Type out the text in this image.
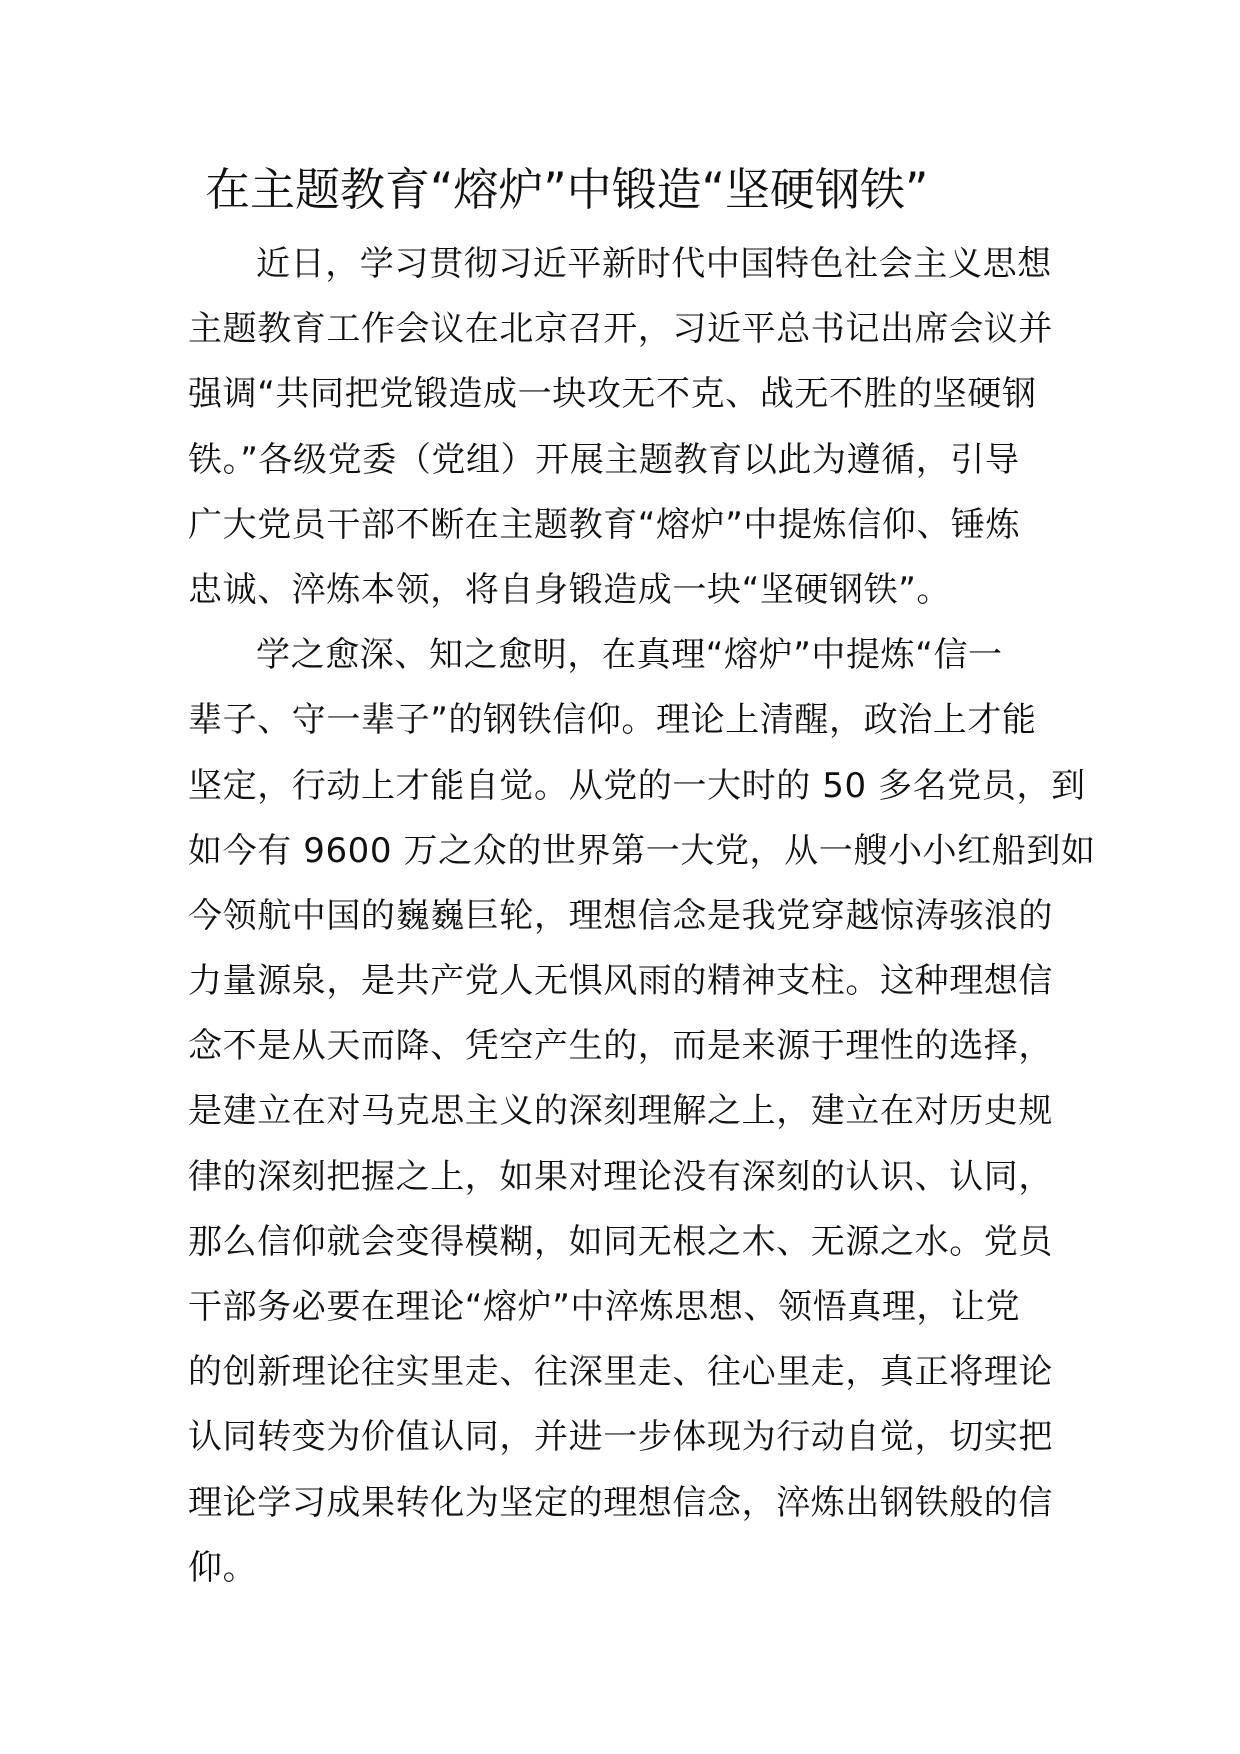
在主题教育“熔炉”中锻造“坚硬钢铁”
近日，学习贯彻习近平新时代中国特色社会主义思想
主题教育工作会议在北京召开，习近平总书记出席会议并
强调“共同把党锻造成一块攻无不克、战无不胜的坚硬钢
铁。”各级党委（党组）开展主题教育以此为遵循，引导
广大党员干部不断在主题教育“熔炉”中提炼信仰、锤炼
忠诚、淬炼本领，将自身锻造成一块“坚硬钢铁”。
学之愈深、知之愈明，在真理“熔炉”中提炼“信一
辈子、守一辈子”的钢铁信仰。理论上清醒，政治上才能
坚定，行动上才能自觉。从党的一大时的 50 多名党员，到
如今有 9600 万之众的世界第一大党，从一艘小小红船到如
今领航中国的巍巍巨轮，理想信念是我党穿越惊涛骇浪的
力量源泉，是共产党人无惧风雨的精神支柱。这种理想信
念不是从天而降、凭空产生的，而是来源于理性的选择，
是建立在对马克思主义的深刻理解之上，建立在对历史规
律的深刻把握之上，如果对理论没有深刻的认识、认同，
那么信仰就会变得模糊，如同无根之木、无源之水。党员
干部务必要在理论“熔炉”中淬炼思想、领悟真理，让党
的创新理论往实里走、往深里走、往心里走，真正将理论
认同转变为价值认同，并进一步体现为行动自觉，切实把
理论学习成果转化为坚定的理想信念，淬炼出钢铁般的信
仰。
